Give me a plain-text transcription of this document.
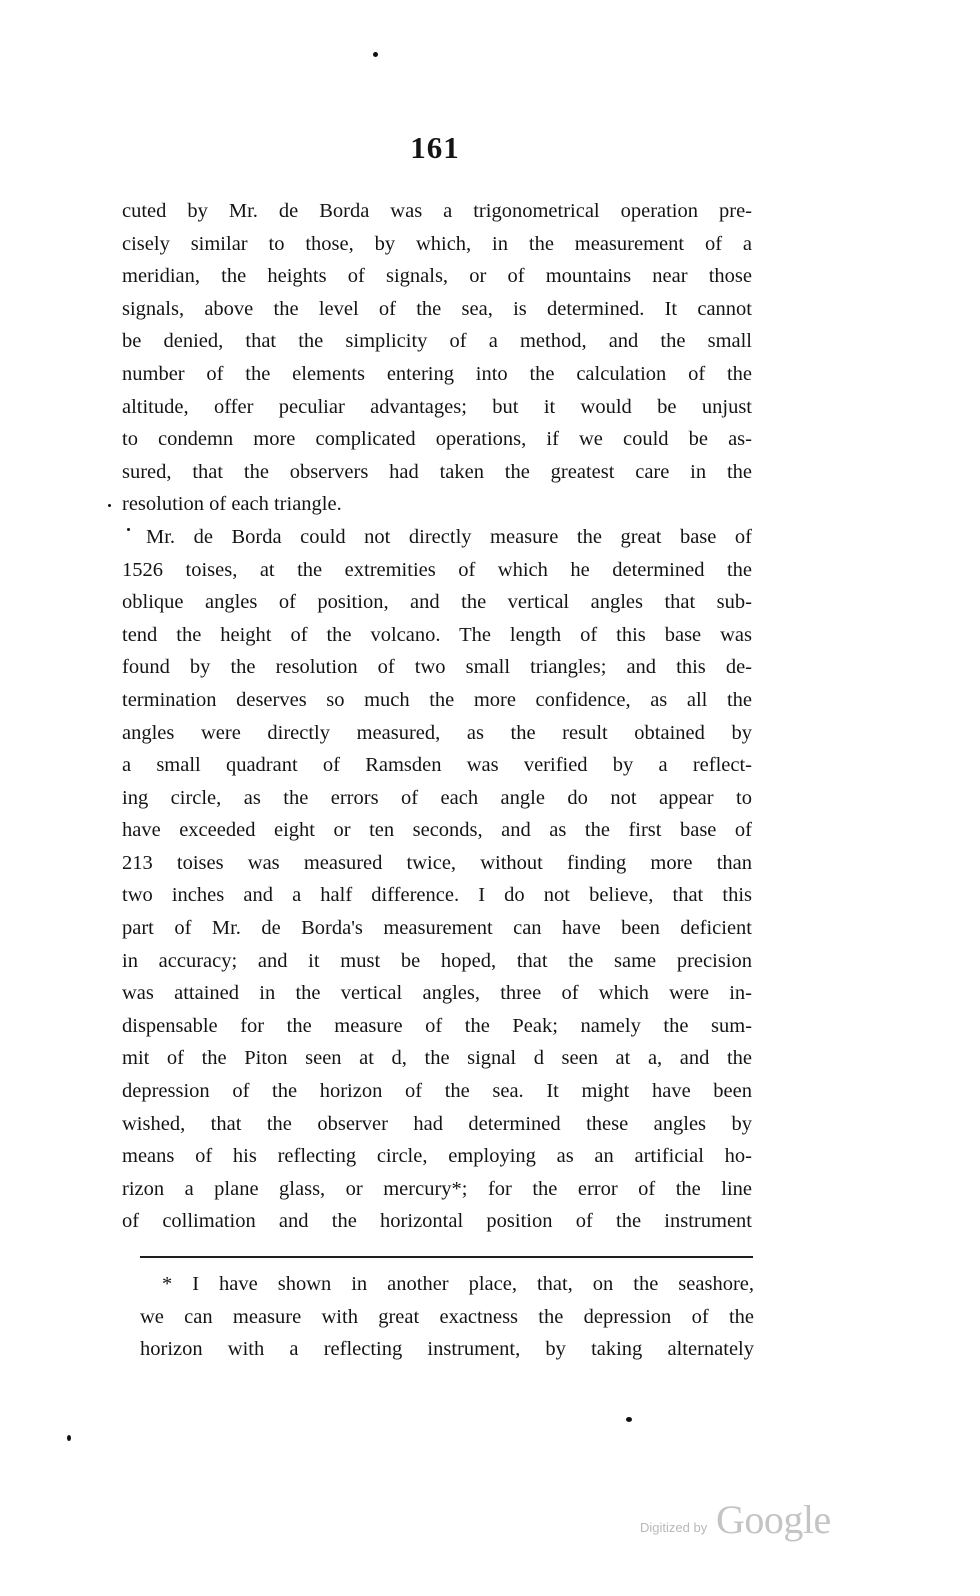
161
cuted by Mr. de Borda was a trigonometrical operation pre-
cisely similar to those, by which, in the measurement of a
meridian, the heights of signals, or of mountains near those
signals, above the level of the sea, is determined. It cannot
be denied, that the simplicity of a method, and the small
number of the elements entering into the calculation of the
altitude, offer peculiar advantages; but it would be unjust
to condemn more complicated operations, if we could be as-
sured, that the observers had taken the greatest care in the
resolution of each triangle.
Mr. de Borda could not directly measure the great base of
1526 toises, at the extremities of which he determined the
oblique angles of position, and the vertical angles that sub-
tend the height of the volcano. The length of this base was
found by the resolution of two small triangles; and this de-
termination deserves so much the more confidence, as all the
angles were directly measured, as the result obtained by
a small quadrant of Ramsden was verified by a reflect-
ing circle, as the errors of each angle do not appear to
have exceeded eight or ten seconds, and as the first base of
213 toises was measured twice, without finding more than
two inches and a half difference. I do not believe, that this
part of Mr. de Borda's measurement can have been deficient
in accuracy; and it must be hoped, that the same precision
was attained in the vertical angles, three of which were in-
dispensable for the measure of the Peak; namely the sum-
mit of the Piton seen at d, the signal d seen at a, and the
depression of the horizon of the sea. It might have been
wished, that the observer had determined these angles by
means of his reflecting circle, employing as an artificial ho-
rizon a plane glass, or mercury*; for the error of the line
of collimation and the horizontal position of the instrument
* I have shown in another place, that, on the seashore,
we can measure with great exactness the depression of the
horizon with a reflecting instrument, by taking alternately
Digitized by Google
